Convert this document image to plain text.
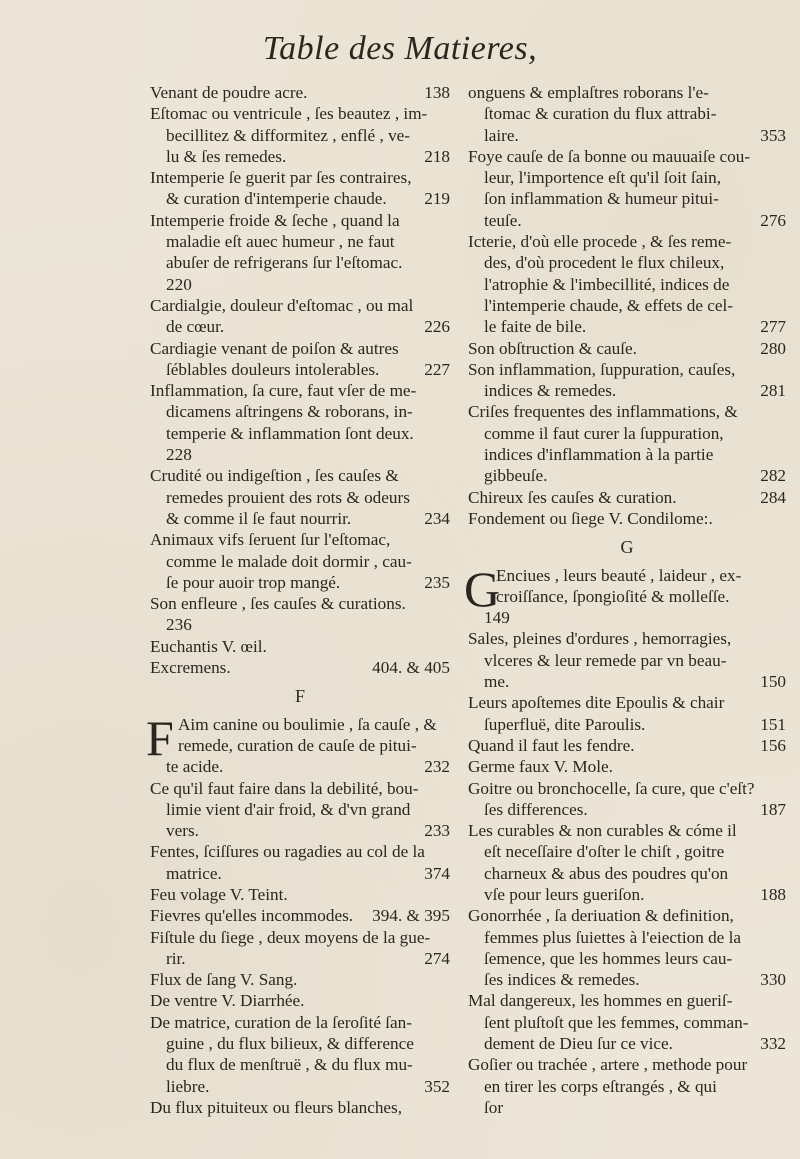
Table des Matieres,
Venant de poudre acre.	138
Eſtomac ou ventricule , ſes beautez , im-
becillitez & difformitez , enflé , ve-
lu & ſes remedes.	218
Intemperie ſe guerit par ſes contraires,
& curation d'intemperie chaude. 219
Intemperie froide & ſeche , quand la
maladie eſt auec humeur , ne faut
abuſer de refrigerans ſur l'eſtomac.
220
Cardialgie, douleur d'eſtomac , ou mal
de cœur.	226
Cardiagie venant de poiſon & autres
ſéblables douleurs intolerables.	227
Inflammation, ſa cure, faut vſer de me-
dicamens aſtringens & roborans, in-
temperie & inflammation ſont deux.
228
Crudité ou indigeſtion , ſes cauſes &
remedes prouient des rots & odeurs
& comme il ſe faut nourrir.	234
Animaux vifs ſeruent ſur l'eſtomac,
comme le malade doit dormir , cau-
ſe pour auoir trop mangé.	235
Son enfleure , ſes cauſes & curations.
236
Euchantis V. œil.
Excremens.	404. & 405
F
F Aim canine ou boulimie , ſa cauſe , &
remede, curation de cauſe de pitui-
te acide.	232
Ce qu'il faut faire dans la debilité, bou-
limie vient d'air froid, & d'vn grand
vers.	233
Fentes, ſciſſures ou ragadies au col de la
matrice.	374
Feu volage V. Teint.
Fievres qu'elles incommodes. 394. & 395
Fiſtule du ſiege , deux moyens de la gue-
rir.	274
Flux de ſang V. Sang.
De ventre V. Diarrhée.
De matrice, curation de la ſeroſité ſan-
guine , du flux bilieux, & difference
du flux de menſtruë , & du flux mu-
liebre.	352
Du flux pituiteux ou fleurs blanches,
onguens & emplaſtres roborans l'e-
ſtomac & curation du flux attrabi-
laire.	353
Foye cauſe de ſa bonne ou mauuaiſe cou-
leur, l'importence eſt qu'il ſoit ſain,
ſon inflammation & humeur pitui-
teuſe.	276
Icterie, d'où elle procede , & ſes reme-
des, d'où procedent le flux chileux,
l'atrophie & l'imbecillité, indices de
l'intemperie chaude, & effets de cel-
le faite de bile.	277
Son obſtruction & cauſe.	280
Son inflammation, ſuppuration, cauſes,
indices & remedes.	281
Criſes frequentes des inflammations, &
comme il faut curer la ſuppuration,
indices d'inflammation à la partie
gibbeuſe.	282
Chireux ſes cauſes & curation.	284
Fondement ou ſiege V. Condilome:.
G
G
Enciues , leurs beauté , laideur , ex-
croiſſance, ſpongioſité & molleſſe.
149
Sales, pleines d'ordures , hemorragies,
vlceres & leur remede par vn beau-
me.	150
Leurs apoſtemes dite Epoulis & chair
ſuperfluë, dite Paroulis.	151
Quand il faut les fendre.	156
Germe faux V. Mole.
Goitre ou bronchocelle, ſa cure, que c'eſt?
ſes differences.	187
Les curables & non curables & cóme il
eſt neceſſaire d'oſter le chiſt , goitre
charneux & abus des poudres qu'on
vſe pour leurs gueriſon.	188
Gonorrhée , ſa deriuation & definition,
femmes plus ſuiettes à l'eiection de la
ſemence, que les hommes leurs cau-
ſes indices & remedes.	330
Mal dangereux, les hommes en gueriſ-
ſent pluſtoſt que les femmes, comman-
dement de Dieu ſur ce vice.	332
Goſier ou trachée , artere , methode pour
en tirer les corps eſtrangés , & qui
ſor
